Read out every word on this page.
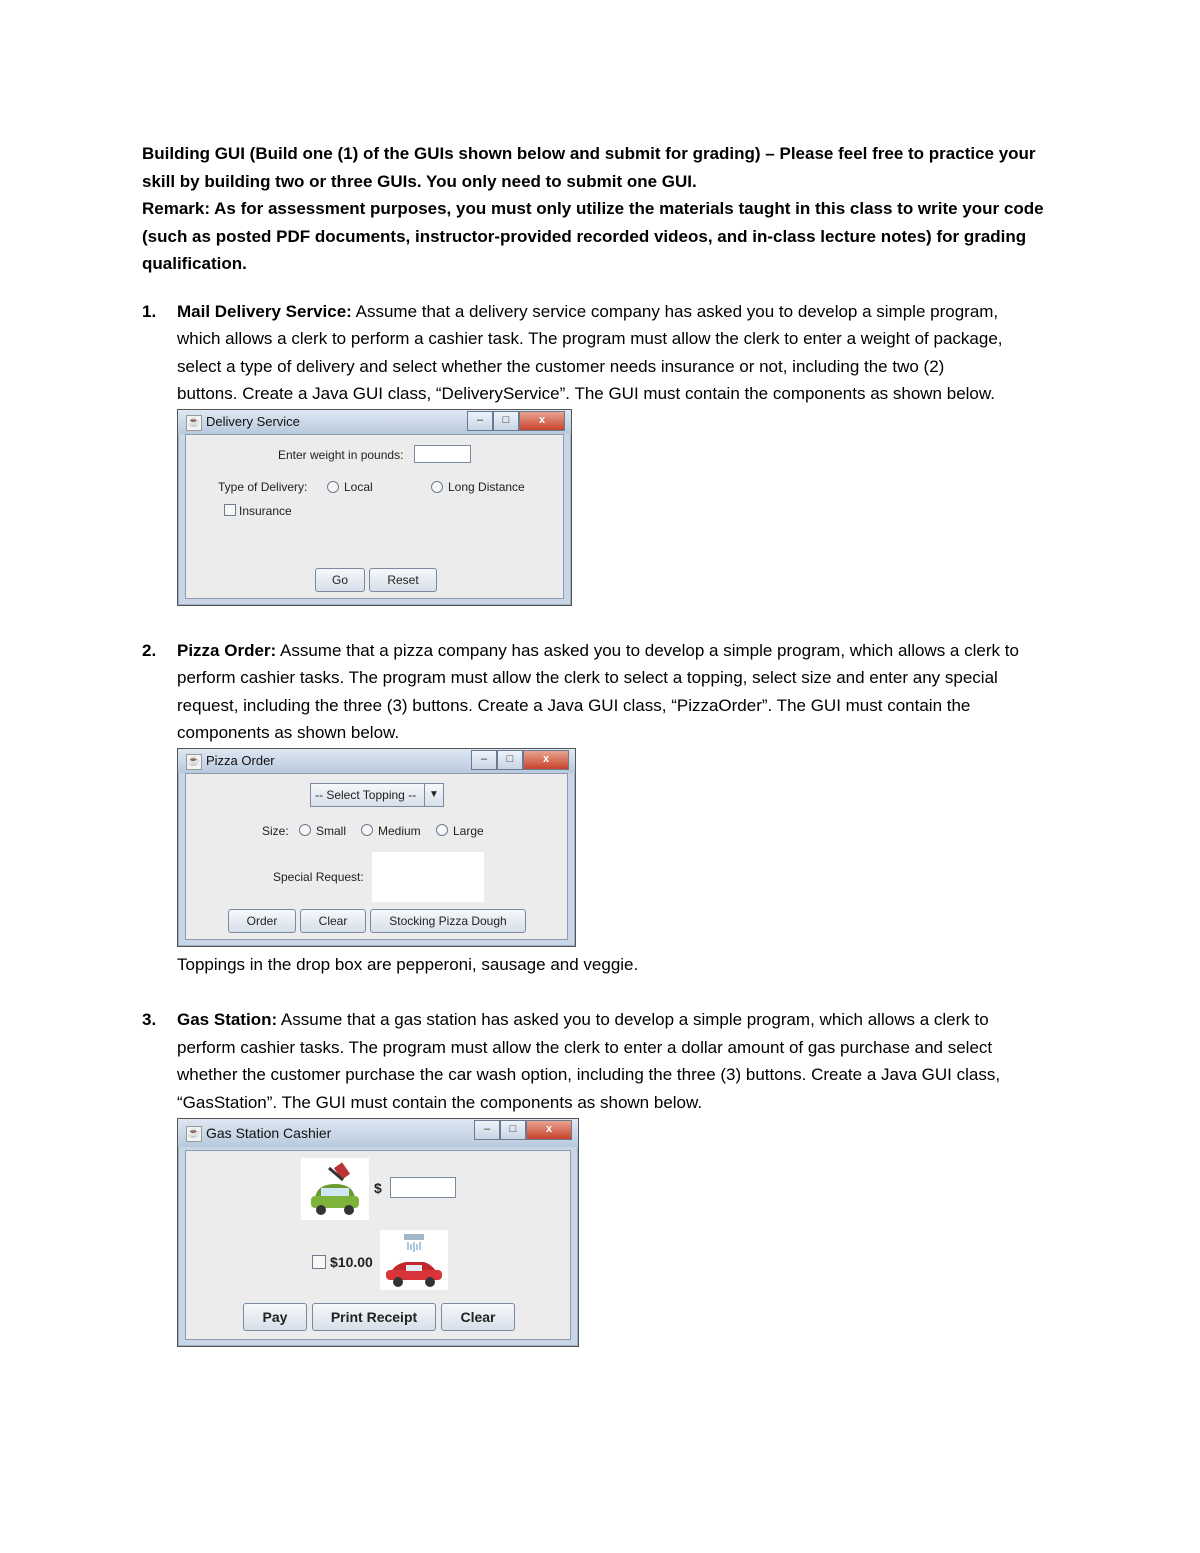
Building GUI (Build one (1) of the GUIs shown below and submit for grading) – Please feel free to practice your
skill by building two or three GUIs. You only need to submit one GUI.
Remark: As for assessment purposes, you must only utilize the materials taught in this class to write your code
(such as posted PDF documents, instructor-provided recorded videos, and in-class lecture notes) for grading
qualification.
1. Mail Delivery Service: Assume that a delivery service company has asked you to develop a simple program,
which allows a clerk to perform a cashier task. The program must allow the clerk to enter a weight of package,
select a type of delivery and select whether the customer needs insurance or not, including the two (2)
buttons. Create a Java GUI class, “DeliveryService”. The GUI must contain the components as shown below.
☕ Delivery Service	–	□	x
Enter weight in pounds:
Type of Delivery:	Local	Long Distance
Insurance
Go	Reset
2. Pizza Order: Assume that a pizza company has asked you to develop a simple program, which allows a clerk to
perform cashier tasks. The program must allow the clerk to select a topping, select size and enter any special
request, including the three (3) buttons. Create a Java GUI class, “PizzaOrder”. The GUI must contain the
components as shown below.
☕ Pizza Order	–	□	x
-- Select Topping --	▼
Size: Small	Medium	Large
Special Request:
Order	Clear	Stocking Pizza Dough
Toppings in the drop box are pepperoni, sausage and veggie.
3. Gas Station: Assume that a gas station has asked you to develop a simple program, which allows a clerk to
perform cashier tasks. The program must allow the clerk to enter a dollar amount of gas purchase and select
whether the customer purchase the car wash option, including the three (3) buttons. Create a Java GUI class,
“GasStation”. The GUI must contain the components as shown below.
☕ Gas Station Cashier	–	□	x
$
$10.00
Pay	Print Receipt	Clear
